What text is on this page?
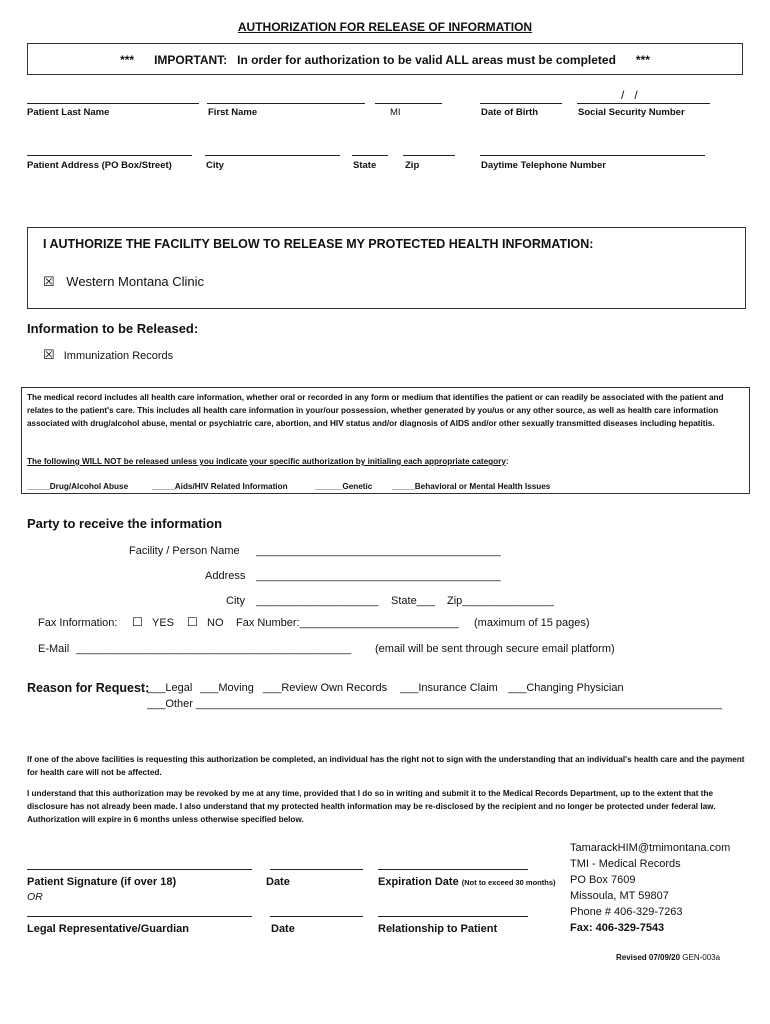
AUTHORIZATION FOR RELEASE OF INFORMATION
***      IMPORTANT:   In order for authorization to be valid ALL areas must be completed      ***
/   /
Patient Last Name	First Name	MI	Date of Birth	Social Security Number
Patient Address (PO Box/Street)	City	State	Zip	Daytime Telephone Number
I AUTHORIZE THE FACILITY BELOW TO RELEASE MY PROTECTED HEALTH INFORMATION:
☒ Western Montana Clinic
Information to be Released:
☒ Immunization Records
The medical record includes all health care information, whether oral or recorded in any form or medium that identifies the patient or can readily be associated with the patient and relates to the patient's care. This includes all health care information in your/our possession, whether generated by you/us or any other source, as well as health care information associated with drug/alcohol abuse, mental or psychiatric care, abortion, and HIV status and/or diagnosis of AIDS and/or other sexually transmitted diseases including hepatitis.
The following WILL NOT be released unless you indicate your specific authorization by initialing each appropriate category:
_____Drug/Alcohol Abuse	_____Aids/HIV Related Information	______Genetic _____Behavioral or Mental Health Issues
Party to receive the information
Facility / Person Name ________________________________________
Address ________________________________________
City ____________________ State___ Zip_______________
Fax Information: ☐ YES ☐ NO Fax Number:__________________________ (maximum of 15 pages)
E-Mail _____________________________________________ (email will be sent through secure email platform)
Reason for Request:
___Legal ___Moving ___Review Own Records ___Insurance Claim ___Changing Physician
___Other ______________________________________________________________________________________
If one of the above facilities is requesting this authorization be completed, an individual has the right not to sign with the understanding that an individual's health care and the payment for health care will not be affected.
I understand that this authorization may be revoked by me at any time, provided that I do so in writing and submit it to the Medical Records Department, up to the extent that the disclosure has not already been made. I also understand that my protected health information may be re-disclosed by the recipient and no longer be protected under federal law. Authorization will expire in 6 months unless otherwise specified below.
Patient Signature (if over 18)	Date	Expiration Date (Not to exceed 30 months)
OR
Legal Representative/Guardian	Date	Relationship to Patient
TamarackHIM@tmimontana.com
TMI - Medical Records
PO Box 7609
Missoula, MT 59807
Phone # 406-329-7263
Fax: 406-329-7543
Revised 07/09/20 GEN-003a
